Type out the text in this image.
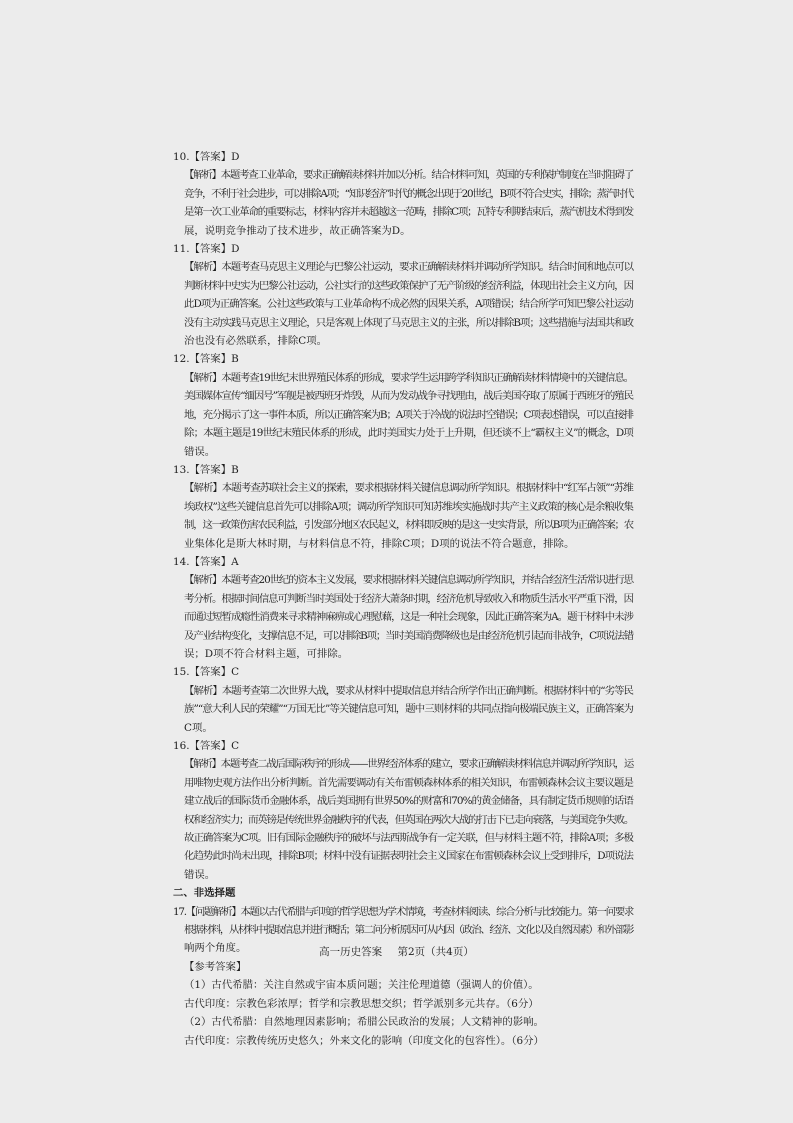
10.【答案】D
【解析】本题考查工业革命，要求正确解读材料并加以分析。结合材料可知，英国的专利保护制度在当时阻碍了
竞争，不利于社会进步，可以排除A项；“知识经济”时代的概念出现于20世纪，B项不符合史实，排除；蒸汽时代
是第一次工业革命的重要标志，材料内容并未超越这一范畴，排除C项；瓦特专利期结束后，蒸汽机技术得到发
展，说明竞争推动了技术进步，故正确答案为D。
11.【答案】D
【解析】本题考查马克思主义理论与巴黎公社运动，要求正确解读材料并调动所学知识。结合时间和地点可以
判断材料中史实为巴黎公社运动，公社实行的这些政策保护了无产阶级的经济利益，体现出社会主义方向，因
此D项为正确答案。公社这些政策与工业革命构不成必然的因果关系，A项错误；结合所学可知巴黎公社运动
没有主动实践马克思主义理论，只是客观上体现了马克思主义的主张，所以排除B项；这些措施与法国共和政
治也没有必然联系，排除C项。
12.【答案】B
【解析】本题考查19世纪末世界殖民体系的形成，要求学生运用跨学科知识正确解读材料情境中的关键信息。
美国媒体宣传“缅因号”军舰是被西班牙炸毁，从而为发动战争寻找理由，战后美国夺取了原属于西班牙的殖民
地，充分揭示了这一事件本质，所以正确答案为B；A项关于冷战的说法时空错误；C项表述错误，可以直接排
除；本题主题是19世纪末殖民体系的形成，此时美国实力处于上升期，但还谈不上“霸权主义”的概念，D项
错误。
13.【答案】B
【解析】本题考查苏联社会主义的探索，要求根据材料关键信息调动所学知识。根据材料中“红军占领”“苏维
埃政权”这些关键信息首先可以排除A项；调动所学知识可知苏维埃实施战时共产主义政策的核心是余粮收集
制，这一政策伤害农民利益，引发部分地区农民起义，材料即反映的是这一史实背景，所以B项为正确答案；农
业集体化是斯大林时期，与材料信息不符，排除C项；D项的说法不符合题意，排除。
14.【答案】A
【解析】本题考查20世纪的资本主义发展，要求根据材料关键信息调动所学知识，并结合经济生活常识进行思
考分析。根据时间信息可判断当时美国处于经济大萧条时期，经济危机导致收入和物质生活水平严重下滑，因
而通过短暂成瘾性消费来寻求精神麻痹或心理慰藉，这是一种社会现象，因此正确答案为A。题干材料中未涉
及产业结构变化，支撑信息不足，可以排除B项；当时美国消费降级也是由经济危机引起而非战争，C项说法错
误；D项不符合材料主题，可排除。
15.【答案】C
【解析】本题考查第二次世界大战，要求从材料中提取信息并结合所学作出正确判断。根据材料中的“劣等民
族”“意大利人民的荣耀”“万国无比”等关键信息可知，题中三则材料的共同点指向极端民族主义，正确答案为
C项。
16.【答案】C
【解析】本题考查二战后国际秩序的形成——世界经济体系的建立，要求正确解读材料信息并调动所学知识，运
用唯物史观方法作出分析判断。首先需要调动有关布雷顿森林体系的相关知识，布雷顿森林会议主要议题是
建立战后的国际货币金融体系，战后美国拥有世界50%的财富和70%的黄金储备，具有制定货币规则的话语
权和经济实力；而英镑是传统世界金融秩序的代表，但英国在两次大战的打击下已走向衰落，与美国竞争失败。
故正确答案为C项。旧有国际金融秩序的破坏与法西斯战争有一定关联，但与材料主题不符，排除A项；多极
化趋势此时尚未出现，排除B项；材料中没有证据表明社会主义国家在布雷顿森林会议上受到排斥，D项说法
错误。
二、非选择题
17.【问题解析】本题以古代希腊与印度的哲学思想为学术情境，考查材料阅读、综合分析与比较能力。第一问要求
根据材料，从材料中提取信息并进行概括；第二问分析原因可从内因（政治、经济、文化以及自然因素）和外部影
响两个角度。
【参考答案】
（1）古代希腊：关注自然或宇宙本质问题；关注伦理道德（强调人的价值）。
古代印度：宗教色彩浓厚；哲学和宗教思想交织；哲学派别多元共存。（6分）
（2）古代希腊：自然地理因素影响；希腊公民政治的发展；人文精神的影响。
古代印度：宗教传统历史悠久；外来文化的影响（印度文化的包容性）。（6分）
高一历史答案 第2页（共4页）
